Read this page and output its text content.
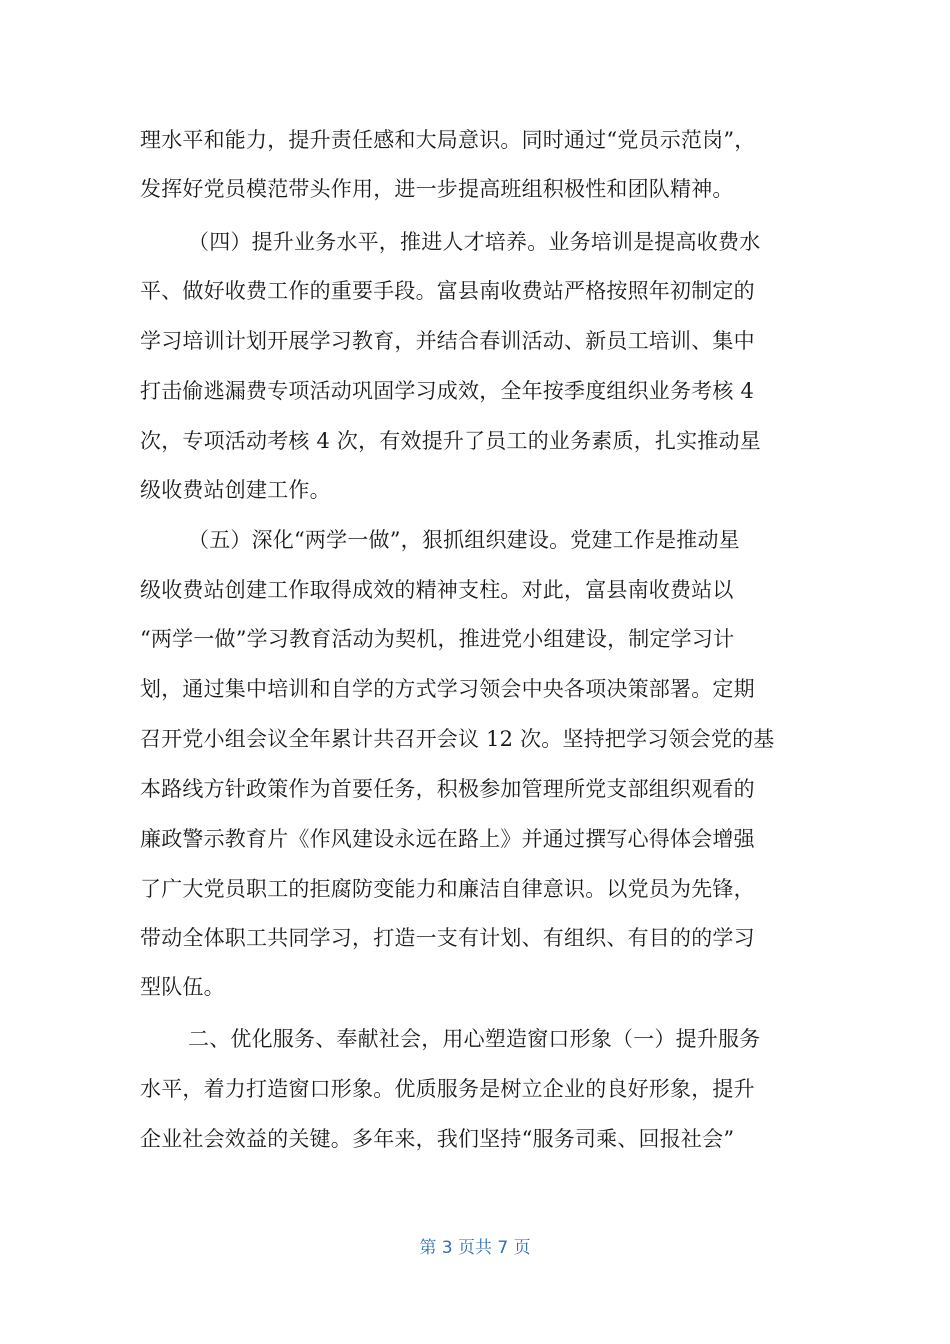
理水平和能力，提升责任感和大局意识。同时通过“党员示范岗”，
发挥好党员模范带头作用，进一步提高班组积极性和团队精神。
（四）提升业务水平，推进人才培养。业务培训是提高收费水
平、做好收费工作的重要手段。富县南收费站严格按照年初制定的
学习培训计划开展学习教育，并结合春训活动、新员工培训、集中
打击偷逃漏费专项活动巩固学习成效，全年按季度组织业务考核 4
次，专项活动考核 4 次，有效提升了员工的业务素质，扎实推动星
级收费站创建工作。
（五）深化“两学一做”，狠抓组织建设。党建工作是推动星
级收费站创建工作取得成效的精神支柱。对此，富县南收费站以
“两学一做”学习教育活动为契机，推进党小组建设，制定学习计
划，通过集中培训和自学的方式学习领会中央各项决策部署。定期
召开党小组会议全年累计共召开会议 12 次。坚持把学习领会党的基
本路线方针政策作为首要任务，积极参加管理所党支部组织观看的
廉政警示教育片《作风建设永远在路上》并通过撰写心得体会增强
了广大党员职工的拒腐防变能力和廉洁自律意识。以党员为先锋，
带动全体职工共同学习，打造一支有计划、有组织、有目的的学习
型队伍。
二、优化服务、奉献社会，用心塑造窗口形象（一）提升服务
水平，着力打造窗口形象。优质服务是树立企业的良好形象，提升
企业社会效益的关键。多年来，我们坚持“服务司乘、回报社会”
第 3 页共 7 页
